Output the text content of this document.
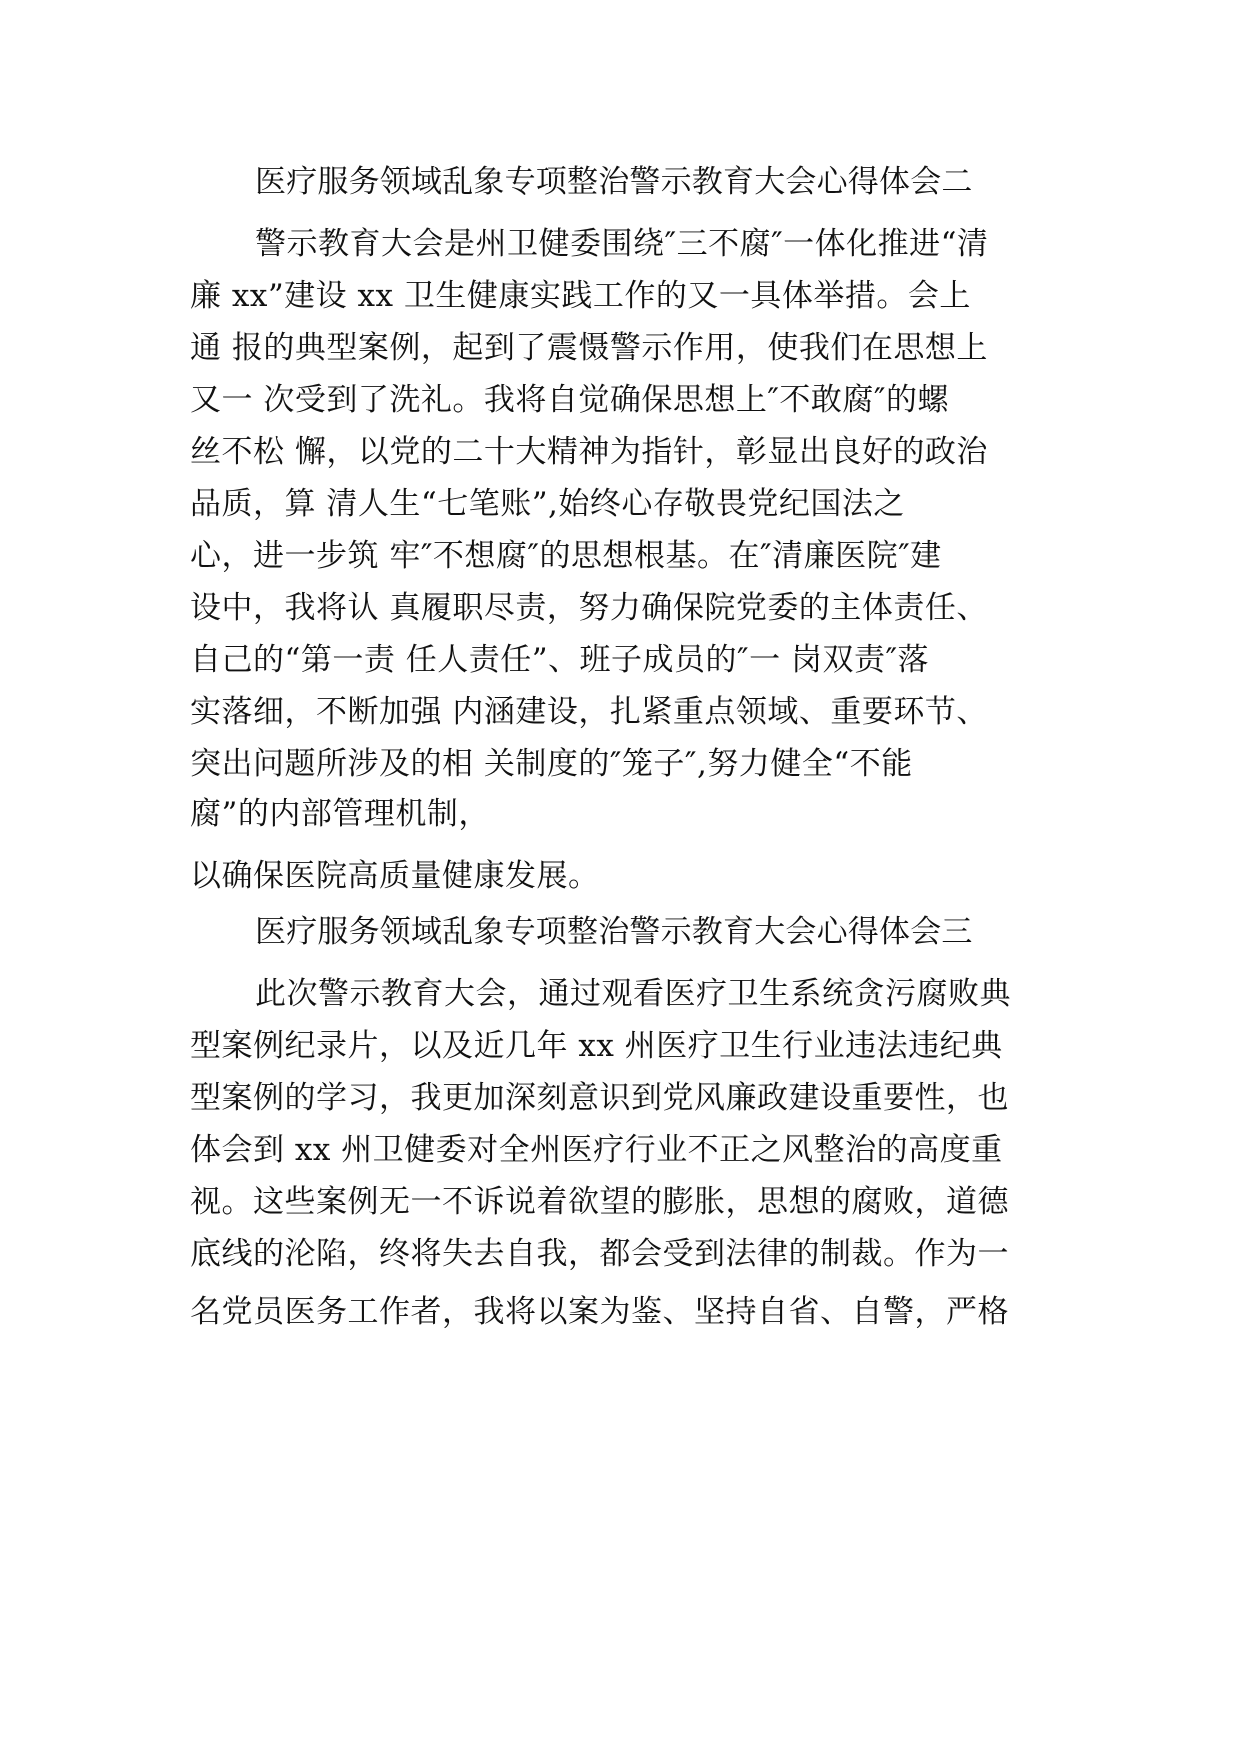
医疗服务领域乱象专项整治警示教育大会心得体会二
警示教育大会是州卫健委围绕″三不腐″一体化推进“清
廉 xx”建设 xx 卫生健康实践工作的又一具体举措。会上
通 报的典型案例，起到了震慑警示作用，使我们在思想上
又一 次受到了洗礼。我将自觉确保思想上″不敢腐″的螺
丝不松 懈，以党的二十大精神为指针，彰显出良好的政治
品质，算 清人生“七笔账”,始终心存敬畏党纪国法之
心，进一步筑 牢″不想腐″的思想根基。在″清廉医院″建
设中，我将认 真履职尽责，努力确保院党委的主体责任、
自己的“第一责 任人责任”、班子成员的″一 岗双责″落
实落细，不断加强 内涵建设，扎紧重点领域、重要环节、
突出问题所涉及的相 关制度的″笼子″,努力健全“不能
腐”的内部管理机制，
以确保医院高质量健康发展。
医疗服务领域乱象专项整治警示教育大会心得体会三
此次警示教育大会，通过观看医疗卫生系统贪污腐败典
型案例纪录片，以及近几年 xx 州医疗卫生行业违法违纪典
型案例的学习，我更加深刻意识到党风廉政建设重要性，也
体会到 xx 州卫健委对全州医疗行业不正之风整治的高度重
视。这些案例无一不诉说着欲望的膨胀，思想的腐败，道德
底线的沦陷，终将失去自我，都会受到法律的制裁。作为一
名党员医务工作者，我将以案为鉴、坚持自省、自警，严格
